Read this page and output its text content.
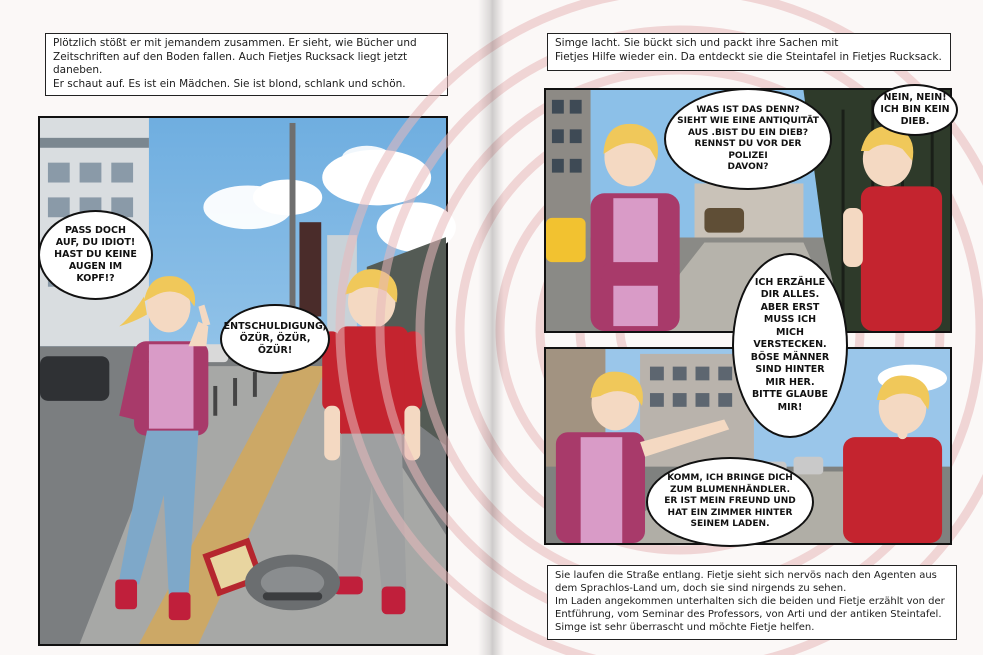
Plötzlich stößt er mit jemandem zusammen. Er sieht, wie Bücher und

Zeitschriften auf den Boden fallen. Auch Fietjes Rucksack liegt jetzt

daneben.

Er schaut auf. Es ist ein Mädchen. Sie ist blond, schlank und schön.

PASS DOCH
AUF, DU IDIOT!
HAST DU KEINE
AUGEN IM
KOPF!?
ENTSCHULDIGUNG,
ÖZÜR, ÖZÜR,
ÖZÜR!

Simge lacht. Sie bückt sich und packt ihre Sachen mit

Fietjes Hilfe wieder ein. Da entdeckt sie die Steintafel in Fietjes Rucksack.

WAS IST DAS DENN?
SIEHT WIE EINE ANTIQUITÄT
AUS .BIST DU EIN DIEB?
RENNST DU VOR DER POLIZEI
DAVON?
NEIN, NEIN!
ICH BIN KEIN
DIEB.
ICH ERZÄHLE
DIR ALLES.
ABER ERST
MUSS ICH
MICH
VERSTECKEN.
BÖSE MÄNNER
SIND HINTER
MIR HER.
BITTE GLAUBE
MIR!
KOMM, ICH BRINGE DICH
ZUM BLUMENHÄNDLER.
ER IST MEIN FREUND UND
HAT EIN ZIMMER HINTER
SEINEM LADEN.

Sie laufen die Straße entlang. Fietje sieht sich nervös nach den Agenten aus

dem Sprachlos-Land um, doch sie sind nirgends zu sehen.

Im Laden angekommen unterhalten sich die beiden und Fietje erzählt von der

Entführung, vom Seminar des Professors, von Arti und der antiken Steintafel.

Simge ist sehr überrascht und möchte Fietje helfen.
